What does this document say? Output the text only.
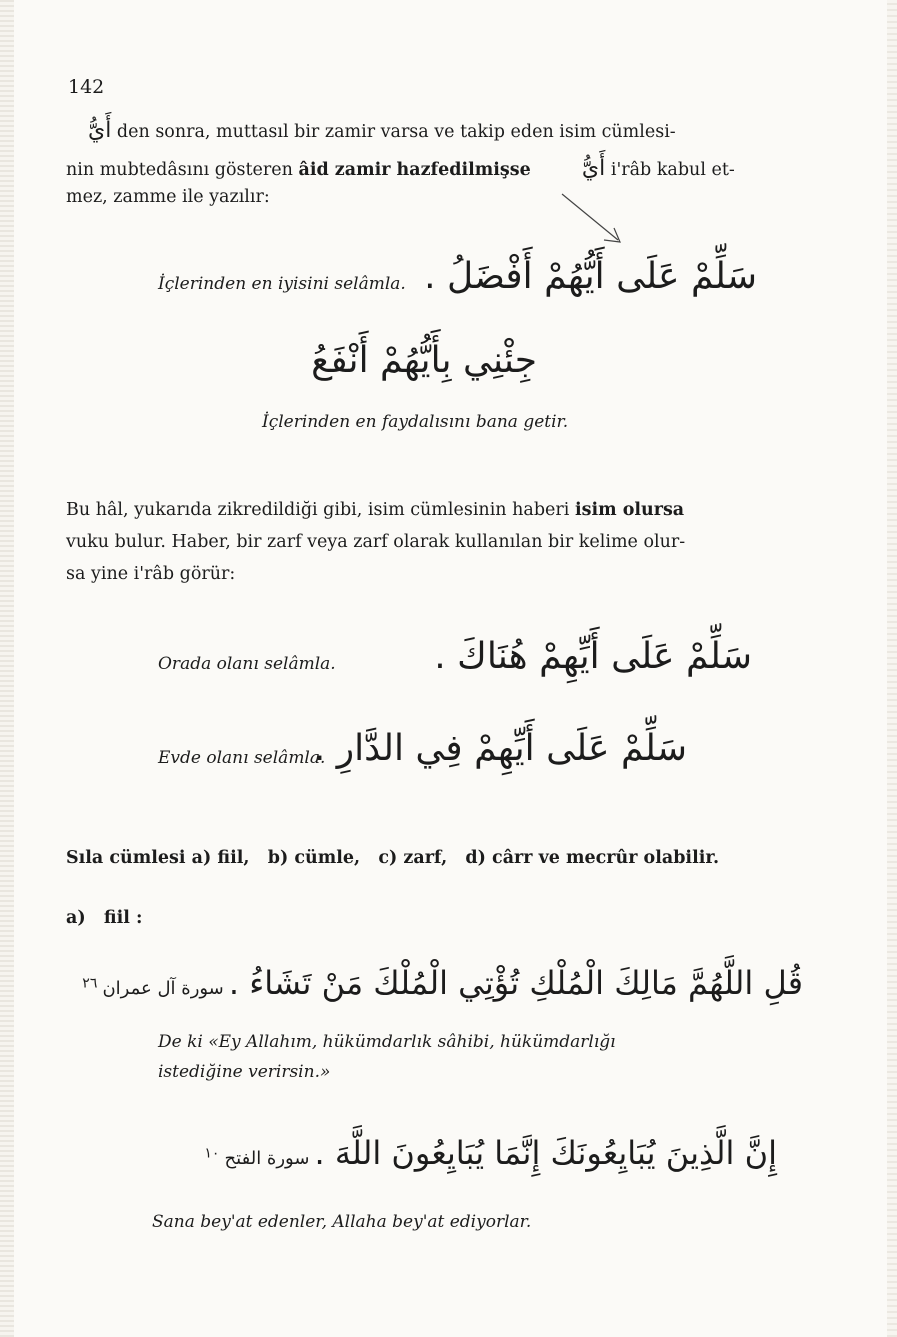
142
أَيُّ den sonra, muttasıl bir zamir varsa ve takip eden isim cümlesi-
nin mubtedâsını gösteren âid zamir hazfedilmişse أَيُّ i'râb kabul et-
mez, zamme ile yazılır:
İçlerinden en iyisini selâmla. سَلِّمْ عَلَى أَيُّهُمْ أَفْضَلُ .
جِئْنِي بِأَيُّهُمْ أَنْفَعُ
İçlerinden en faydalısını bana getir.
Bu hâl, yukarıda zikredildiği gibi, isim cümlesinin haberi isim olursa
vuku bulur. Haber, bir zarf veya zarf olarak kullanılan bir kelime olur-
sa yine i'râb görür:
Orada olanı selâmla.	سَلِّمْ عَلَى أَيِّهِمْ هُنَاكَ .
Evde olanı selâmla.
سَلِّمْ عَلَى أَيِّهِمْ فِي الدَّارِ .
Sıla cümlesi a) fiil,   b) cümle,   c) zarf,   d) cârr ve mecrûr olabilir.
a)   fiil :
قُلِ اللَّهُمَّ مَالِكَ الْمُلْكِ تُؤْتِي الْمُلْكَ مَنْ تَشَاءُ . سورة آل عمران ٢٦
De ki «Ey Allahım, hükümdarlık sâhibi, hükümdarlığı
istediğine verirsin.»
إِنَّ الَّذِينَ يُبَايِعُونَكَ إِنَّمَا يُبَايِعُونَ اللَّهَ . سورة الفتح ١٠
Sana bey'at edenler, Allaha bey'at ediyorlar.
